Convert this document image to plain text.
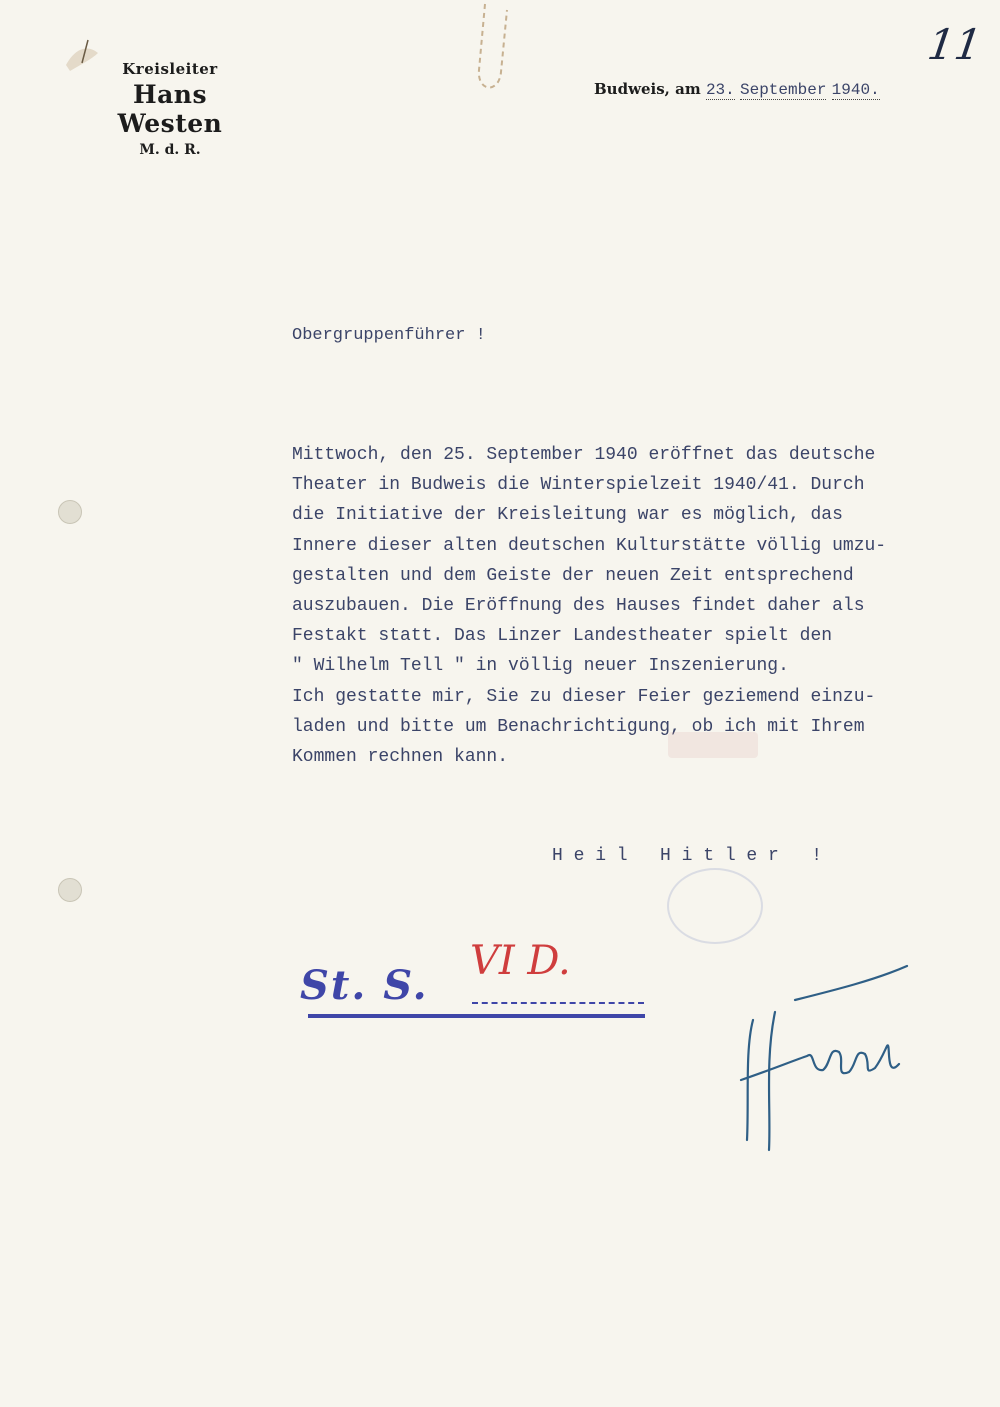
Kreisleiter
Hans Westen
M. d. R.
Budweis, am 23. September 1940.
11
Obergruppenführer !
Mittwoch, den 25. September 1940 eröffnet das deutsche
Theater in Budweis die Winterspielzeit 1940/41. Durch
die Initiative der Kreisleitung war es möglich, das
Innere dieser alten deutschen Kulturstätte völlig umzu-
gestalten und dem Geiste der neuen Zeit entsprechend
auszubauen. Die Eröffnung des Hauses findet daher als
Festakt statt. Das Linzer Landestheater spielt den
" Wilhelm Tell " in völlig neuer Inszenierung.
Ich gestatte mir, Sie zu dieser Feier geziemend einzu-
laden und bitte um Benachrichtigung, ob ich mit Ihrem
Kommen rechnen kann.
H e i l   H i t l e r   !
St. S.
VI D.
